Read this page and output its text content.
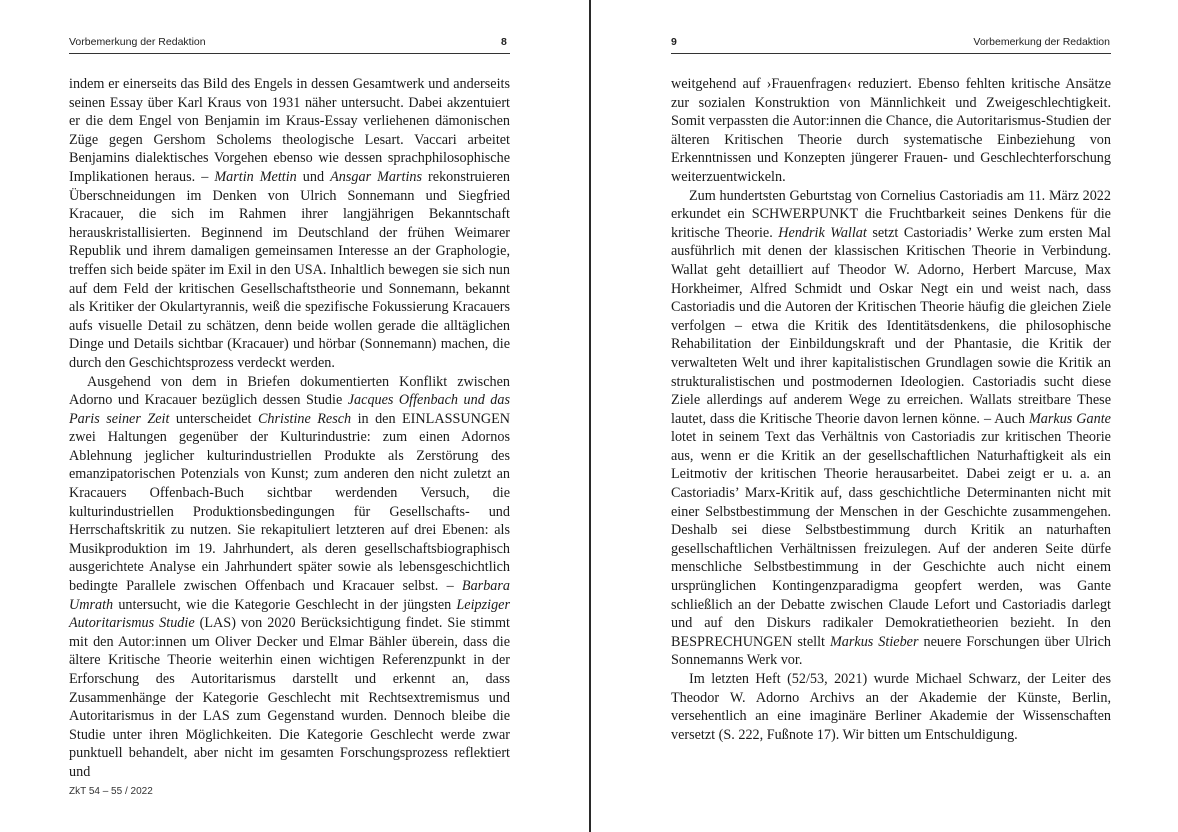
Vorbemerkung der Redaktion	8

indem er einerseits das Bild des Engels in dessen Gesamtwerk und anderseits seinen Essay über Karl Kraus von 1931 näher untersucht. Dabei akzentuiert er die dem Engel von Benjamin im Kraus-Essay verliehenen dämonischen Züge gegen Gershom Scholems theologische Lesart. Vaccari arbeitet Benjamins dialektisches Vorgehen ebenso wie dessen sprachphilosophische Implikationen heraus. – Martin Mettin und Ansgar Martins rekonstruieren Überschneidungen im Denken von Ulrich Sonnemann und Siegfried Kracauer, die sich im Rahmen ihrer langjährigen Bekanntschaft herauskristallisierten. Beginnend im Deutschland der frühen Weimarer Republik und ihrem damaligen gemeinsamen Interesse an der Graphologie, treffen sich beide später im Exil in den USA. Inhaltlich bewegen sie sich nun auf dem Feld der kritischen Gesellschaftstheorie und Sonnemann, bekannt als Kritiker der Okulartyrannis, weiß die spezifische Fokussierung Kracauers aufs visuelle Detail zu schätzen, denn beide wollen gerade die alltäglichen Dinge und Details sichtbar (Kracauer) und hörbar (Sonnemann) machen, die durch den Geschichtsprozess verdeckt werden.

Ausgehend von dem in Briefen dokumentierten Konflikt zwischen Adorno und Kracauer bezüglich dessen Studie Jacques Offenbach und das Paris seiner Zeit unterscheidet Christine Resch in den EINLASSUNGEN zwei Haltungen gegenüber der Kulturindustrie: zum einen Adornos Ablehnung jeglicher kulturindustriellen Produkte als Zerstörung des emanzipatorischen Potenzials von Kunst; zum anderen den nicht zuletzt an Kracauers Offenbach-Buch sichtbar werdenden Versuch, die kulturindustriellen Produktionsbedingungen für Gesellschafts- und Herrschaftskritik zu nutzen. Sie rekapituliert letzteren auf drei Ebenen: als Musikproduktion im 19. Jahrhundert, als deren gesellschaftsbiographisch ausgerichtete Analyse ein Jahrhundert später sowie als lebensgeschichtlich bedingte Parallele zwischen Offenbach und Kracauer selbst. – Barbara Umrath untersucht, wie die Kategorie Geschlecht in der jüngsten Leipziger Autoritarismus Studie (LAS) von 2020 Berücksichtigung findet. Sie stimmt mit den Autor:innen um Oliver Decker und Elmar Bähler überein, dass die ältere Kritische Theorie weiterhin einen wichtigen Referenzpunkt in der Erforschung des Autoritarismus darstellt und erkennt an, dass Zusammenhänge der Kategorie Geschlecht mit Rechtsextremismus und Autoritarismus in der LAS zum Gegenstand wurden. Dennoch bleibe die Studie unter ihren Möglichkeiten. Die Kategorie Geschlecht werde zwar punktuell behandelt, aber nicht im gesamten Forschungsprozess reflektiert und

ZkT 54 – 55 / 2022
9	Vorbemerkung der Redaktion

weitgehend auf ›Frauenfragen‹ reduziert. Ebenso fehlten kritische Ansätze zur sozialen Konstruktion von Männlichkeit und Zweigeschlechtigkeit. Somit verpassten die Autor:innen die Chance, die Autoritarismus-Studien der älteren Kritischen Theorie durch systematische Einbeziehung von Erkenntnissen und Konzepten jüngerer Frauen- und Geschlechterforschung weiterzuentwickeln.

Zum hundertsten Geburtstag von Cornelius Castoriadis am 11. März 2022 erkundet ein SCHWERPUNKT die Fruchtbarkeit seines Denkens für die kritische Theorie. Hendrik Wallat setzt Castoriadis’ Werke zum ersten Mal ausführlich mit denen der klassischen Kritischen Theorie in Verbindung. Wallat geht detailliert auf Theodor W. Adorno, Herbert Marcuse, Max Horkheimer, Alfred Schmidt und Oskar Negt ein und weist nach, dass Castoriadis und die Autoren der Kritischen Theorie häufig die gleichen Ziele verfolgen – etwa die Kritik des Identitätsdenkens, die philosophische Rehabilitation der Einbildungskraft und der Phantasie, die Kritik der verwalteten Welt und ihrer kapitalistischen Grundlagen sowie die Kritik an strukturalistischen und postmodernen Ideologien. Castoriadis sucht diese Ziele allerdings auf anderem Wege zu erreichen. Wallats streitbare These lautet, dass die Kritische Theorie davon lernen könne. – Auch Markus Gante lotet in seinem Text das Verhältnis von Castoriadis zur kritischen Theorie aus, wenn er die Kritik an der gesellschaftlichen Naturhaftigkeit als ein Leitmotiv der kritischen Theorie herausarbeitet. Dabei zeigt er u. a. an Castoriadis’ Marx-Kritik auf, dass geschichtliche Determinanten nicht mit einer Selbstbestimmung der Menschen in der Geschichte zusammengehen. Deshalb sei diese Selbstbestimmung durch Kritik an naturhaften gesellschaftlichen Verhältnissen freizulegen. Auf der anderen Seite dürfe menschliche Selbstbestimmung in der Geschichte auch nicht einem ursprünglichen Kontingenzparadigma geopfert werden, was Gante schließlich an der Debatte zwischen Claude Lefort und Castoriadis darlegt und auf den Diskurs radikaler Demokratietheorien bezieht. In den BESPRECHUNGEN stellt Markus Stieber neuere Forschungen über Ulrich Sonnemanns Werk vor.

Im letzten Heft (52/53, 2021) wurde Michael Schwarz, der Leiter des Theodor W. Adorno Archivs an der Akademie der Künste, Berlin, versehentlich an eine imaginäre Berliner Akademie der Wissenschaften versetzt (S. 222, Fußnote 17). Wir bitten um Entschuldigung.
